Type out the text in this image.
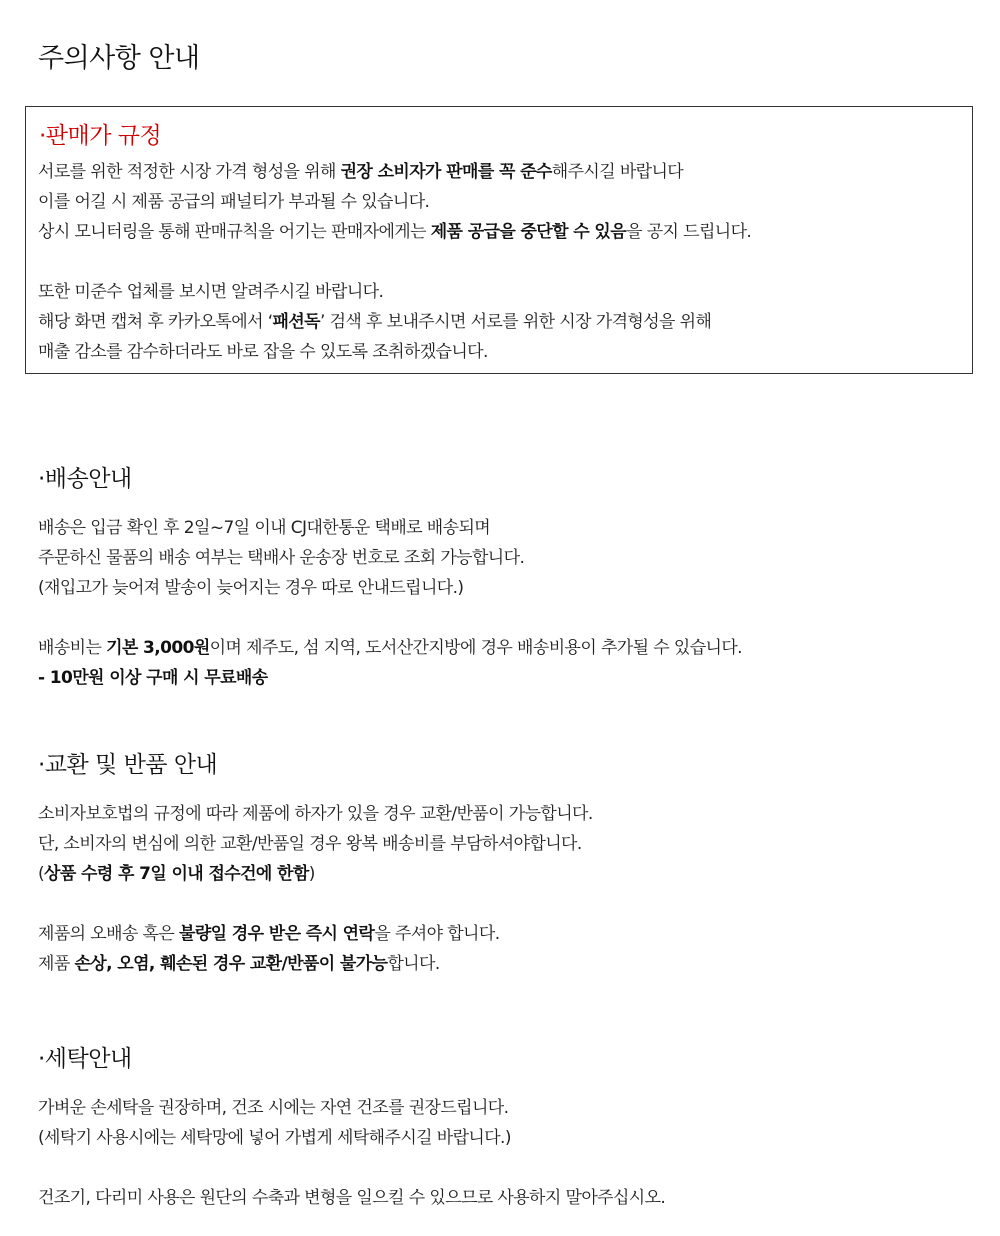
주의사항 안내
·판매가 규정
서로를 위한 적정한 시장 가격 형성을 위해 권장 소비자가 판매를 꼭 준수해주시길 바랍니다
이를 어길 시 제품 공급의 패널티가 부과될 수 있습니다.
상시 모니터링을 통해 판매규칙을 어기는 판매자에게는 제품 공급을 중단할 수 있음을 공지 드립니다.
또한 미준수 업체를 보시면 알려주시길 바랍니다.
해당 화면 캡쳐 후 카카오톡에서 ‘패션독’ 검색 후 보내주시면 서로를 위한 시장 가격형성을 위해
매출 감소를 감수하더라도 바로 잡을 수 있도록 조취하겠습니다.
·배송안내
배송은 입금 확인 후 2일~7일 이내 CJ대한통운 택배로 배송되며
주문하신 물품의 배송 여부는 택배사 운송장 번호로 조회 가능합니다.
(재입고가 늦어져 발송이 늦어지는 경우 따로 안내드립니다.)
배송비는 기본 3,000원이며 제주도, 섬 지역, 도서산간지방에 경우 배송비용이 추가될 수 있습니다.
- 10만원 이상 구매 시 무료배송
·교환 및 반품 안내
소비자보호법의 규정에 따라 제품에 하자가 있을 경우 교환/반품이 가능합니다.
단, 소비자의 변심에 의한 교환/반품일 경우 왕복 배송비를 부담하셔야합니다.
(상품 수령 후 7일 이내 접수건에 한함)
제품의 오배송 혹은 불량일 경우 받은 즉시 연락을 주셔야 합니다.
제품 손상, 오염, 훼손된 경우 교환/반품이 불가능합니다.
·세탁안내
가벼운 손세탁을 권장하며, 건조 시에는 자연 건조를 권장드립니다.
(세탁기 사용시에는 세탁망에 넣어 가볍게 세탁해주시길 바랍니다.)
건조기, 다리미 사용은 원단의 수축과 변형을 일으킬 수 있으므로 사용하지 말아주십시오.
